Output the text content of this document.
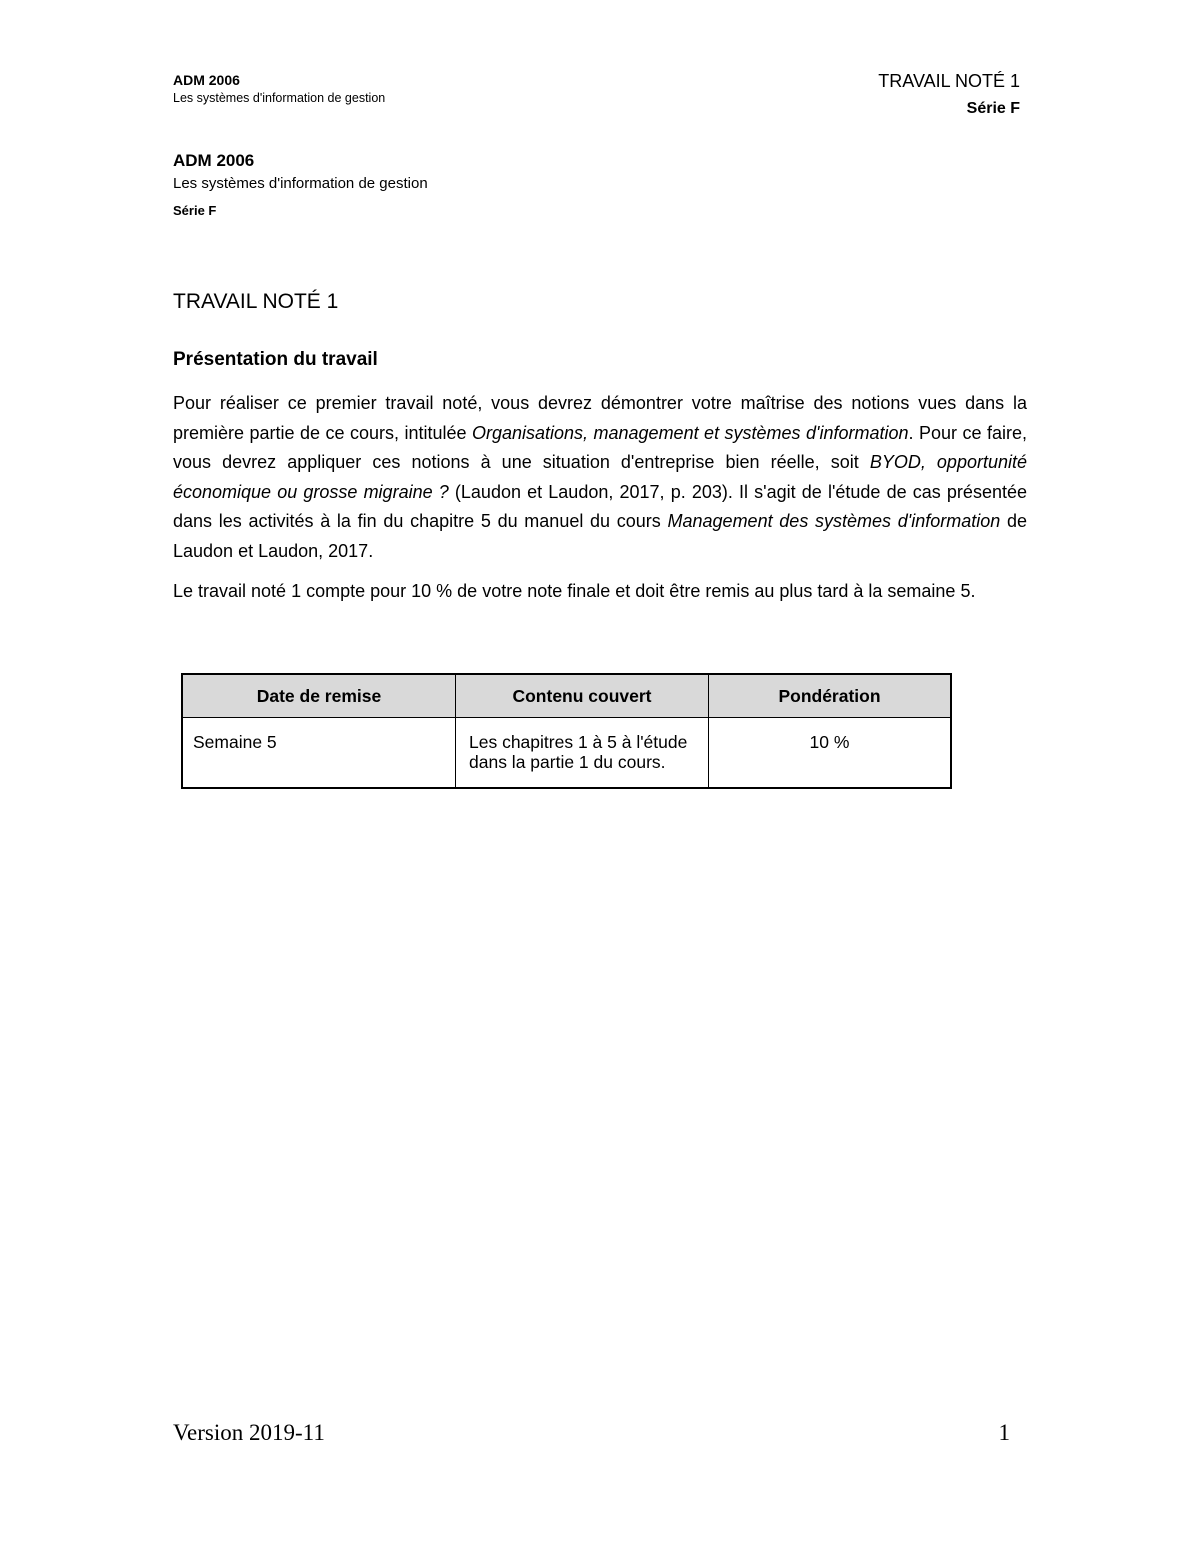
ADM 2006
Les systèmes d'information de gestion
TRAVAIL NOTÉ 1
Série F
ADM 2006
Les systèmes d'information de gestion
Série F
TRAVAIL NOTÉ 1
Présentation du travail

Pour réaliser ce premier travail noté, vous devrez démontrer votre maîtrise des notions vues dans la première partie de ce cours, intitulée Organisations, management et systèmes d'information. Pour ce faire, vous devrez appliquer ces notions à une situation d'entreprise bien réelle, soit BYOD, opportunité économique ou grosse migraine ? (Laudon et Laudon, 2017, p. 203). Il s'agit de l'étude de cas présentée dans les activités à la fin du chapitre 5 du manuel du cours Management des systèmes d'information de Laudon et Laudon, 2017.

Le travail noté 1 compte pour 10 % de votre note finale et doit être remis au plus tard à la semaine 5.

Date de remise	Contenu couvert	Pondération
Semaine 5	Les chapitres 1 à 5 à l'étude dans la partie 1 du cours.	10 %
Version 2019-11	1
